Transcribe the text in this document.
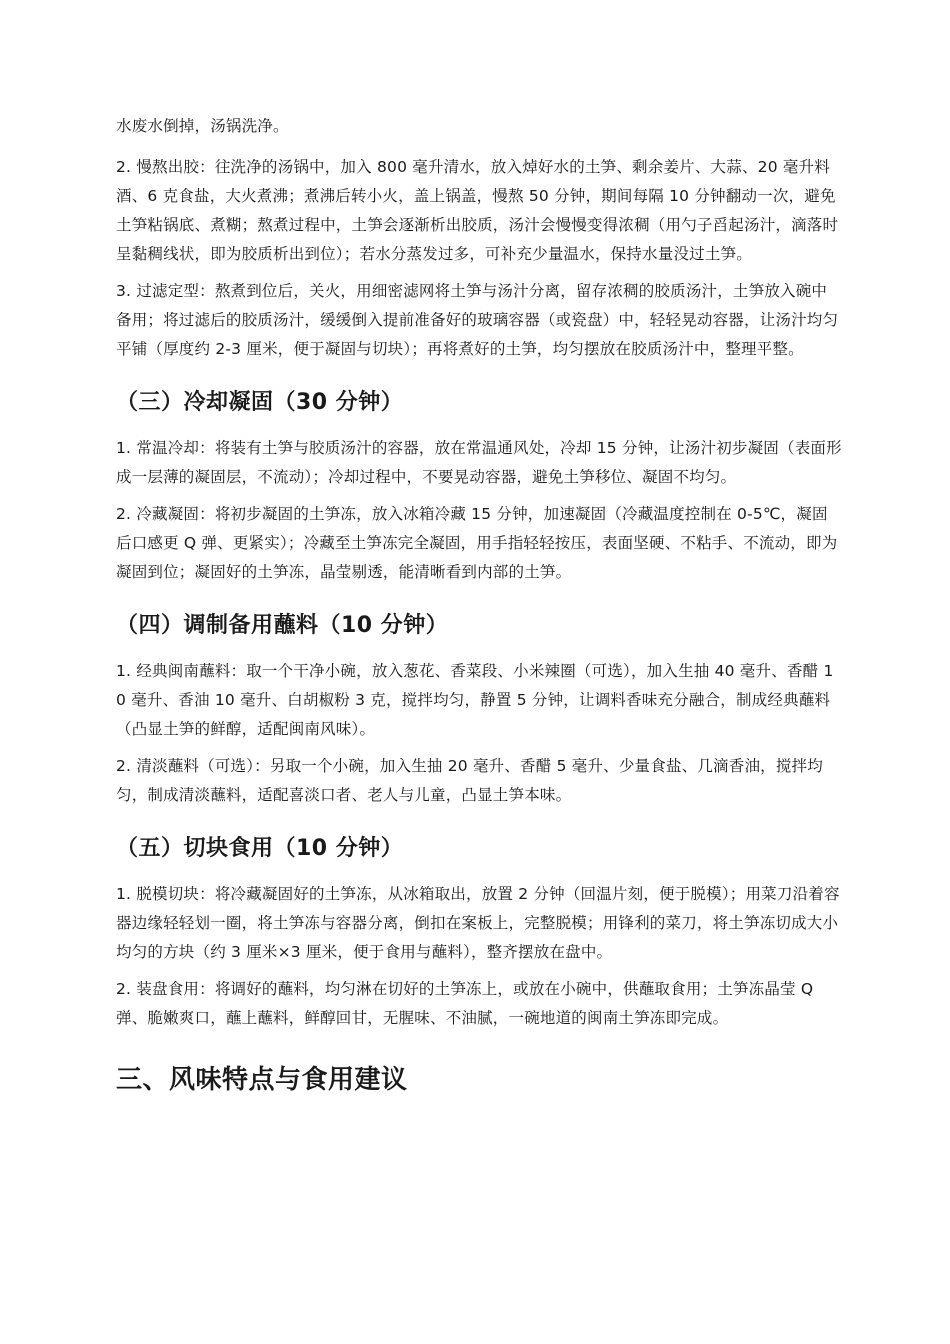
水废水倒掉，汤锅洗净。

2. 慢熬出胶：往洗净的汤锅中，加入 800 毫升清水，放入焯好水的土笋、剩余姜片、大蒜、20 毫升料酒、6 克食盐，大火煮沸；煮沸后转小火，盖上锅盖，慢熬 50 分钟，期间每隔 10 分钟翻动一次，避免土笋粘锅底、煮糊；熬煮过程中，土笋会逐渐析出胶质，汤汁会慢慢变得浓稠（用勺子舀起汤汁，滴落时呈黏稠线状，即为胶质析出到位）；若水分蒸发过多，可补充少量温水，保持水量没过土笋。

3. 过滤定型：熬煮到位后，关火，用细密滤网将土笋与汤汁分离，留存浓稠的胶质汤汁，土笋放入碗中备用；将过滤后的胶质汤汁，缓缓倒入提前准备好的玻璃容器（或瓷盘）中，轻轻晃动容器，让汤汁均匀平铺（厚度约 2-3 厘米，便于凝固与切块）；再将煮好的土笋，均匀摆放在胶质汤汁中，整理平整。

（三）冷却凝固（30 分钟）

1. 常温冷却：将装有土笋与胶质汤汁的容器，放在常温通风处，冷却 15 分钟，让汤汁初步凝固（表面形成一层薄的凝固层，不流动）；冷却过程中，不要晃动容器，避免土笋移位、凝固不均匀。

2. 冷藏凝固：将初步凝固的土笋冻，放入冰箱冷藏 15 分钟，加速凝固（冷藏温度控制在 0-5℃，凝固后口感更 Q 弹、更紧实）；冷藏至土笋冻完全凝固，用手指轻轻按压，表面坚硬、不粘手、不流动，即为凝固到位；凝固好的土笋冻，晶莹剔透，能清晰看到内部的土笋。

（四）调制备用蘸料（10 分钟）

1. 经典闽南蘸料：取一个干净小碗，放入葱花、香菜段、小米辣圈（可选），加入生抽 40 毫升、香醋 10 毫升、香油 10 毫升、白胡椒粉 3 克，搅拌均匀，静置 5 分钟，让调料香味充分融合，制成经典蘸料（凸显土笋的鲜醇，适配闽南风味）。

2. 清淡蘸料（可选）：另取一个小碗，加入生抽 20 毫升、香醋 5 毫升、少量食盐、几滴香油，搅拌均匀，制成清淡蘸料，适配喜淡口者、老人与儿童，凸显土笋本味。

（五）切块食用（10 分钟）

1. 脱模切块：将冷藏凝固好的土笋冻，从冰箱取出，放置 2 分钟（回温片刻，便于脱模）；用菜刀沿着容器边缘轻轻划一圈，将土笋冻与容器分离，倒扣在案板上，完整脱模；用锋利的菜刀，将土笋冻切成大小均匀的方块（约 3 厘米×3 厘米，便于食用与蘸料），整齐摆放在盘中。

2. 装盘食用：将调好的蘸料，均匀淋在切好的土笋冻上，或放在小碗中，供蘸取食用；土笋冻晶莹 Q 弹、脆嫩爽口，蘸上蘸料，鲜醇回甘，无腥味、不油腻，一碗地道的闽南土笋冻即完成。

三、风味特点与食用建议
